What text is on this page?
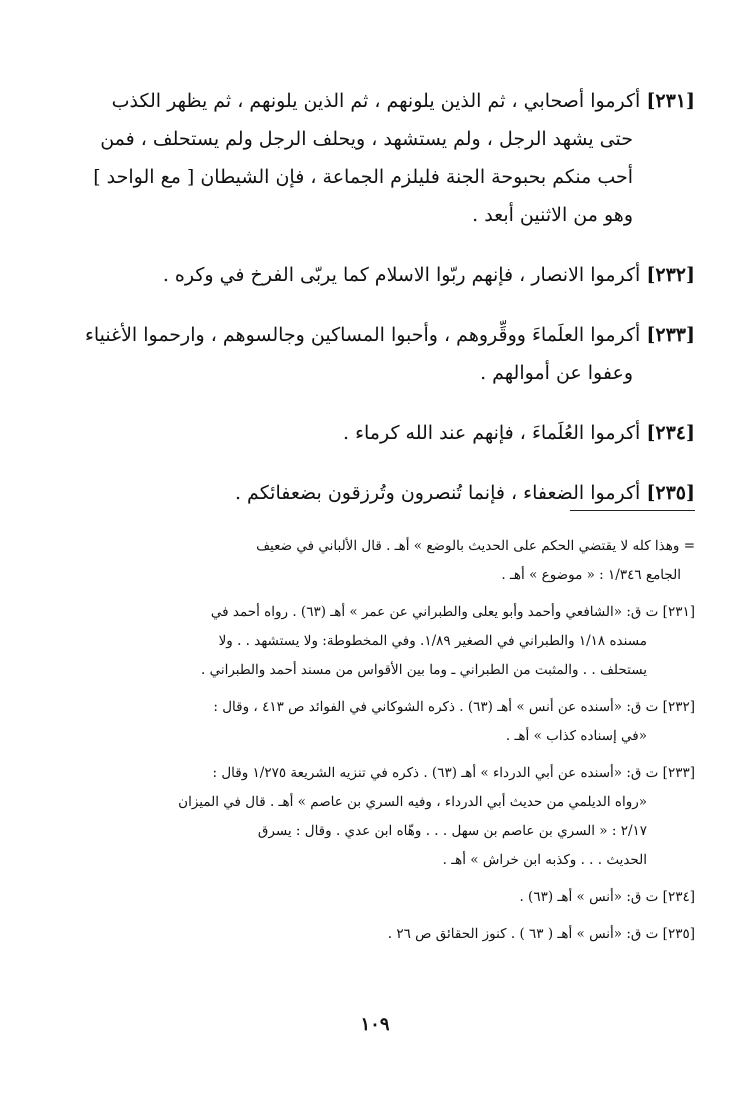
[٢٣١] أكرموا أصحابي ، ثم الذين يلونهم ، ثم الذين يلونهم ، ثم يظهر الكذب
حتى يشهد الرجل ، ولم يستشهد ، ويحلف الرجل ولم يستحلف ، فمن
أحب منكم بحبوحة الجنة فليلزم الجماعة ، فإن الشيطان [ مع الواحد ]
وهو من الاثنين أبعد .
[٢٣٢] أكرموا الانصار ، فإنهم ربّوا الاسلام كما يربّى الفرخ في وكره .
[٢٣٣] أكرموا العلَماءَ ووقِّروهم ، وأحبوا المساكين وجالسوهم ، وارحموا الأغنياء
وعفوا عن أموالهم .
[٢٣٤] أكرموا العُلَماءَ ، فإنهم عند الله كرماء .
[٢٣٥] أكرموا الضعفاء ، فإنما تُنصرون وتُرزقون بضعفائكم .
= وهذا كله لا يقتضي الحكم على الحديث بالوضع » أهـ . قال الألباني في ضعيف
الجامع ١/٣٤٦ : « موضوع » أهـ .
[٢٣١] ت ق: «الشافعي وأحمد وأبو يعلى والطبراني عن عمر » أهـ (٦٣) . رواه أحمد في
مسنده ١/١٨ والطبراني في الصغير ١/٨٩. وفي المخطوطة: ولا يستشهد . . ولا
يستحلف . . والمثبت من الطبراني ـ وما بين الأقواس من مسند أحمد والطبراني .
[٢٣٢] ت ق: «أسنده عن أنس » أهـ (٦٣) . ذكره الشوكاني في الفوائد ص ٤١٣ ، وقال :
«في إسناده كذاب » أهـ .
[٢٣٣] ت ق: «أسنده عن أبي الدرداء » أهـ (٦٣) . ذكره في تنزيه الشريعة ١/٢٧٥ وقال :
«رواه الديلمي من حديث أبي الدرداء ، وفيه السري بن عاصم » أهـ . قال في الميزان
٢/١٧ : « السري بن عاصم بن سهل . . . وهّاه ابن عدي . وقال : يسرق
الحديث . . . وكذبه ابن خراش » أهـ .
[٢٣٤] ت ق: «أنس » أهـ (٦٣) .
[٢٣٥] ت ق: «أنس » أهـ ( ٦٣ ) . كنوز الحقائق ص ٢٦ .
١٠٩
